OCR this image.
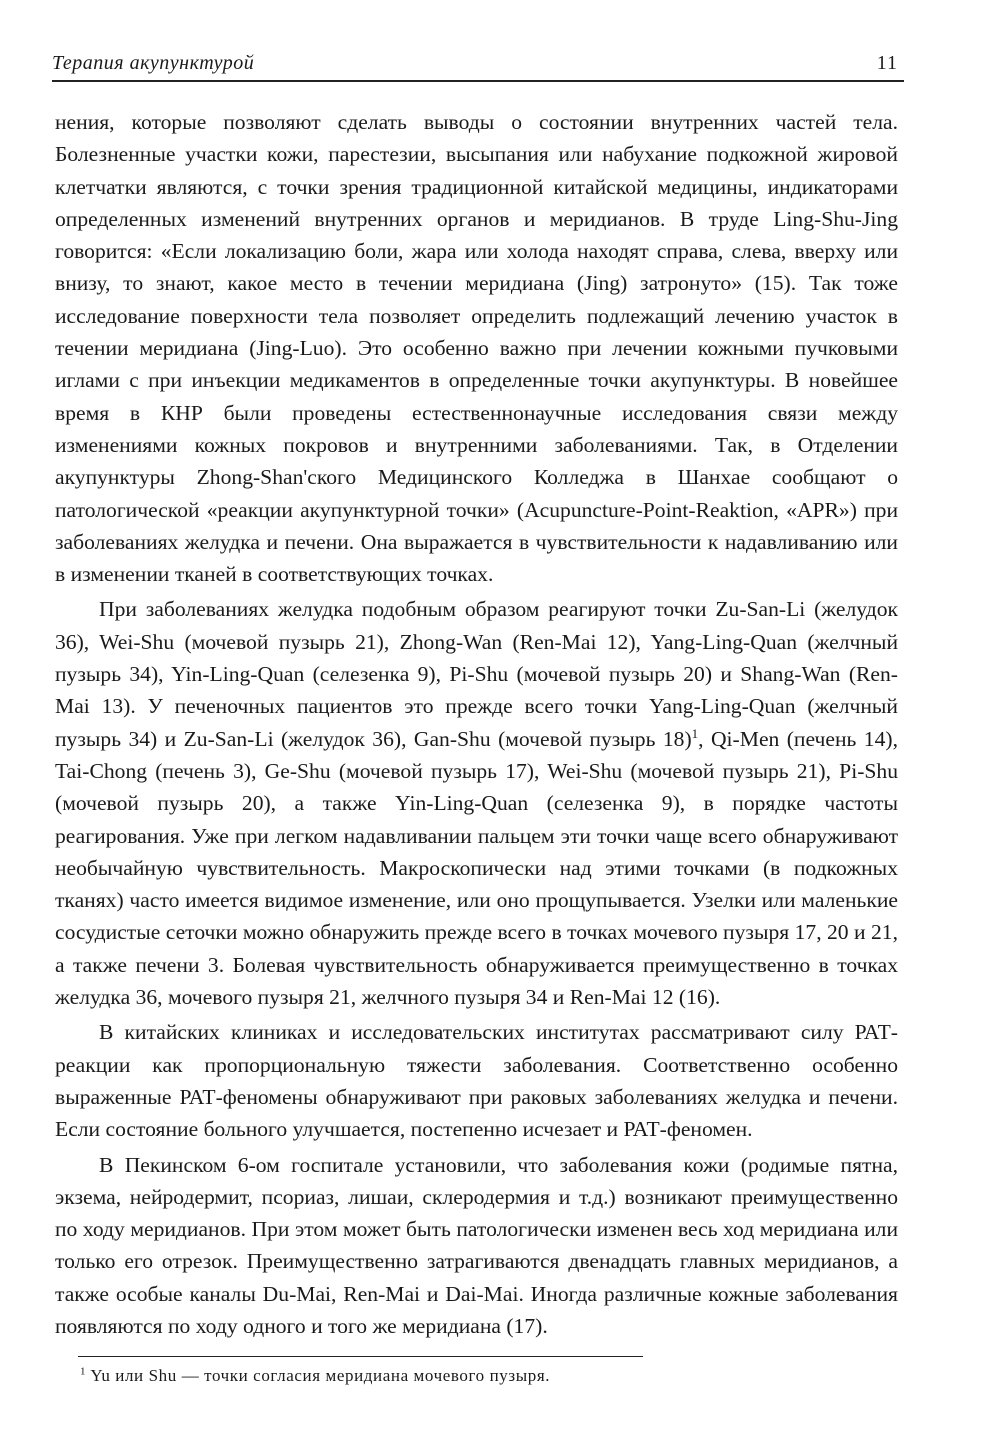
Терапия акупунктурой	11

нения, которые позволяют сделать выводы о состоянии внутренних частей тела. Болезненные участки кожи, парестезии, высыпания или набухание подкожной жировой клетчатки являются, с точки зрения традиционной китайской медицины, индикаторами определенных изменений внутренних органов и меридианов. В труде Ling-Shu-Jing говорится: «Если локализацию боли, жара или холода находят справа, слева, вверху или внизу, то знают, какое место в течении меридиана (Jing) затронуто» (15). Так тоже исследование поверхности тела позволяет определить подлежащий лечению участок в течении меридиана (Jing-Luo). Это особенно важно при лечении кожными пучковыми иглами с при инъекции медикаментов в определенные точки акупунктуры. В новейшее время в КНР были проведены естественнонаучные исследования связи между изменениями кожных покровов и внутренними заболеваниями. Так, в Отделении акупунктуры Zhong-Shan'ского Медицинского Колледжа в Шанхае сообщают о патологической «реакции акупунктурной точки» (Acupuncture-Point-Reaktion, «APR») при заболеваниях желудка и печени. Она выражается в чувствительности к надавливанию или в изменении тканей в соответствующих точках.

При заболеваниях желудка подобным образом реагируют точки Zu-San-Li (желудок 36), Wei-Shu (мочевой пузырь 21), Zhong-Wan (Ren-Mai 12), Yang-Ling-Quan (желчный пузырь 34), Yin-Ling-Quan (селезенка 9), Pi-Shu (мочевой пузырь 20) и Shang-Wan (Ren-Mai 13). У печеночных пациентов это прежде всего точки Yang-Ling-Quan (желчный пузырь 34) и Zu-San-Li (желудок 36), Gan-Shu (мочевой пузырь 18)$^1$, Qi-Men (печень 14), Tai-Chong (печень 3), Ge-Shu (мочевой пузырь 17), Wei-Shu (мочевой пузырь 21), Pi-Shu (мочевой пузырь 20), а также Yin-Ling-Quan (селезенка 9), в порядке частоты реагирования. Уже при легком надавливании пальцем эти точки чаще всего обнаруживают необычайную чувствительность. Макроскопически над этими точками (в подкожных тканях) часто имеется видимое изменение, или оно прощупывается. Узелки или маленькие сосудистые сеточки можно обнаружить прежде всего в точках мочевого пузыря 17, 20 и 21, а также печени 3. Болевая чувствительность обнаруживается преимущественно в точках желудка 36, мочевого пузыря 21, желчного пузыря 34 и Ren-Mai 12 (16).

В китайских клиниках и исследовательских институтах рассматривают силу РАТ-реакции как пропорциональную тяжести заболевания. Соответственно особенно выраженные РАТ-феномены обнаруживают при раковых заболеваниях желудка и печени. Если состояние больного улучшается, постепенно исчезает и РАТ-феномен.

В Пекинском 6-ом госпитале установили, что заболевания кожи (родимые пятна, экзема, нейродермит, псориаз, лишаи, склеродермия и т.д.) возникают преимущественно по ходу меридианов. При этом может быть патологически изменен весь ход меридиана или только его отрезок. Преимущественно затрагиваются двенадцать главных меридианов, а также особые каналы Du-Mai, Ren-Mai и Dai-Mai. Иногда различные кожные заболевания появляются по ходу одного и того же меридиана (17).

$^1$ Yu или Shu — точки согласия меридиана мочевого пузыря.
